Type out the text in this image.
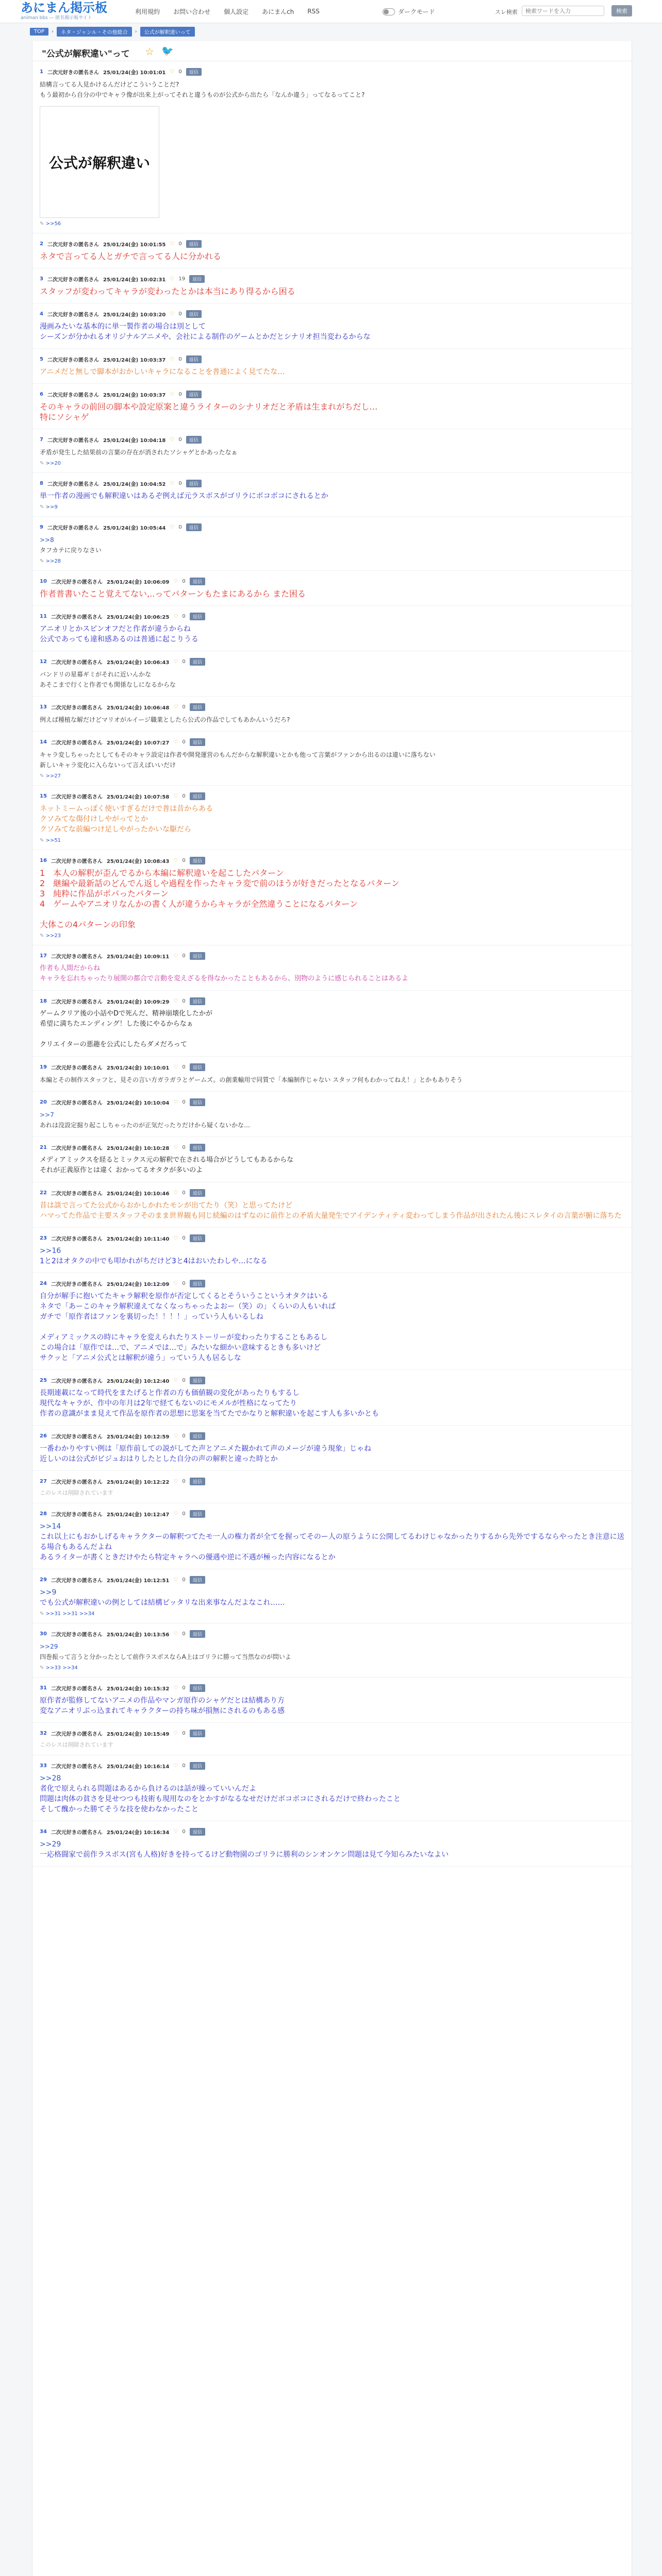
あにまん掲示板
animan bbs — 匿名掲示板サイト
利用規約 お問い合わせ 個人設定 あにまんch RSS	ダークモード	スレ検索
検索ワードを入力	検索
TOP	›	ネタ・ジャンル・その他総合	›	公式が解釈違いって
"公式が解釈違い"って ☆ 🐦
1 二次元好きの匿名さん 25/01/24(金) 10:01:01 ♡ 0	返信
結構言ってる人見かけるんだけどこういうことだ?
もう最初から自分の中でキャラ像が出来上がってそれと違うものが公式から出たら「なんか違う」ってなるってこと?
公式が解釈違い
✎ >>56
2 二次元好きの匿名さん 25/01/24(金) 10:01:55 ♡ 0	返信
ネタで言ってる人とガチで言ってる人に分かれる
3 二次元好きの匿名さん 25/01/24(金) 10:02:31 ♡ 19	返信
スタッフが変わってキャラが変わったとかは本当にあり得るから困る
4 二次元好きの匿名さん 25/01/24(金) 10:03:20 ♡ 0	返信
漫画みたいな基本的に単一製作者の場合は別として
シーズンが分かれるオリジナルアニメや、会社による制作のゲームとかだとシナリオ担当変わるからな
5 二次元好きの匿名さん 25/01/24(金) 10:03:37 ♡ 0	返信
アニメだと無しで脚本がおかしいキャラになることを普通によく見てたな…
6 二次元好きの匿名さん 25/01/24(金) 10:03:37 ♡ 0	返信
そのキャラの前回の脚本や設定原案と違うライターのシナリオだと矛盾は生まれがちだし…
特にソシャゲ
7 二次元好きの匿名さん 25/01/24(金) 10:04:18 ♡ 0	返信
矛盾が発生した結果前の言葉の存在が消されたソシャゲとかあったなぁ
✎ >>20
8 二次元好きの匿名さん 25/01/24(金) 10:04:52 ♡ 0	返信
単一作者の漫画でも解釈違いはあるぞ例えば元ラスボスがゴリラにボコボコにされるとか
✎ >>9
9 二次元好きの匿名さん 25/01/24(金) 10:05:44 ♡ 0	返信
>>8
タフカテに戻りなさい
✎ >>28
10 二次元好きの匿名さん 25/01/24(金) 10:06:09 ♡ 0	返信
作者普書いたこと覚えてない,..ってパターンもたまにあるから また困る
11 二次元好きの匿名さん 25/01/24(金) 10:06:25 ♡ 0	返信
アニオリとかスピンオフだと作者が違うからね
公式であっても違和感あるのは普通に起こりうる
12 二次元好きの匿名さん 25/01/24(金) 10:06:43 ♡ 0	返信
バンドリの星幕ギミがそれに近いんかな
あそこまで行くと作者でも関係なしになるからな
13 二次元好きの匿名さん 25/01/24(金) 10:06:48 ♡ 0	返信
例えば種植な解だけどマリオがルイージ職業としたら公式の作品でしてもあかんいうだろ?
14 二次元好きの匿名さん 25/01/24(金) 10:07:27 ♡ 0	返信
キャラ変しちゃったとしてもそのキャラ設定は作者や開発運営のもんだからな解釈違いとかも他って言葉がファンから出るのは違いに落ちない
新しいキャラ変化に入らないって言えばいいだけ
✎ >>27
15 二次元好きの匿名さん 25/01/24(金) 10:07:58 ♡ 0	返信
ネットミームっぽく使いすぎるだけで普は昔からある
クソみてな傷付けしやがってとか
クソみてな前編つけ足しやがったかいな駆だら
✎ >>51
16 二次元好きの匿名さん 25/01/24(金) 10:08:43 ♡ 0	返信
1　本人の解釈が歪んでるから本編に解釈違いを起こしたパターン
2　継編や最新話のどんでん返しや過程を作ったキャラ変で前のほうが好きだったとなるパターン
3　純粋に作品がポパったパターン
4　ゲームやアニオリなんかの書く人が違うからキャラが全然違うことになるパターン

大体この4パターンの印象
✎ >>23
17 二次元好きの匿名さん 25/01/24(金) 10:09:11 ♡ 0	返信
作者も人間だからね
キャラを忘れちゃったり展開の都合で言動を変えざるを得なかったこともあるから、別物のように感じられることはあるよ
18 二次元好きの匿名さん 25/01/24(金) 10:09:29 ♡ 0	返信
ゲームクリア後の小話やDで死んだ、精神崩壊化したかが
希望に満ちたエンディング！した後にやるからなぁ

クリエイターの悪趣を公式にしたらダメだろって
19 二次元好きの匿名さん 25/01/24(金) 10:10:01 ♡ 0	返信
本編とその制作スタッフと、見その言い方ガラガラとゲームズ。の創業輸用で同質で「本編制作じゃない スタッフ何もわかってねえ！」とかもありそう
20 二次元好きの匿名さん 25/01/24(金) 10:10:04 ♡ 0	返信
>>7
あれは没設定掘り起こしちゃったのが正気だったりだけから疑くないかな…
21 二次元好きの匿名さん 25/01/24(金) 10:10:28 ♡ 0	返信
メディアミックスを経るとミックス元の解釈で在される場合がどうしてもあるからな
それが正義原作とは違く おかってるオタクが多いのよ
22 二次元好きの匿名さん 25/01/24(金) 10:10:46 ♡ 0	返信
昔は談で言ってた公式からおかしかれたモンが出てたり（笑）と思ってたけど
ハマってた作品で主要スタッフそのまま世界観も同じ続編のはずなのに前作との矛盾大量発生でアイデンティティ変わってしまう作品が出されたん後にスレタイの言葉が腑に落ちた
23 二次元好きの匿名さん 25/01/24(金) 10:11:40 ♡ 0	返信
>>16
1と2はオタクの中でも叩かれがちだけど3と4はおいたわしや…になる
24 二次元好きの匿名さん 25/01/24(金) 10:12:09 ♡ 0	返信
自分が解手に抱いてたキャラ解釈を原作が否定してくるとそういうこというオタクはいる
ネタで「あーこのキャラ解釈違えてなくなっちゃったよおー（笑）の」くらいの人もいれば
ガチで「原作者はファンを裏切った！！！！」っていう人もいるしね

メディアミックスの時にキャラを変えられたりストーリーが変わったりすることもあるし
この場合は「原作では…で、アニメでは…で」みたいな細かい意味するときも多いけど
サクッと「アニメ公式とは解釈が違う」っていう人も居るしな
25 二次元好きの匿名さん 25/01/24(金) 10:12:40 ♡ 0	返信
長期連載になって時代をまたげると作者の方も価値観の変化があったりもするし
現代なキャラが、作中の年月は2年で経てもないのにモメルが性格になってたり
作者の意識がまま見えて作品を原作者の思想に思案を当てたでかなりと解釈違いを起こす人も多いかとも
26 二次元好きの匿名さん 25/01/24(金) 10:12:59 ♡ 0	返信
一番わかりやすい例は「原作前しての説がしてた声とアニメた観かれて声のメージが違う現象」じゃね
近しいのは公式がビジュおはりしたとした自分の声の解釈と違った時とか
27 二次元好きの匿名さん 25/01/24(金) 10:12:22 ♡ 0	返信
このレスは削除されています
28 二次元好きの匿名さん 25/01/24(金) 10:12:47 ♡ 0	返信
>>14
これ以上にもおかしげるキャラクターの解釈つてたモ一人の権力者が全てを握ってそのー人の原うように公開してるわけじゃなかったりするから先外でするならやったとき注意に送る場合もあるんだよね
あるライターが書くときだけやたら特定キャラへの優遇や逆に不遇が極った内容になるとか
29 二次元好きの匿名さん 25/01/24(金) 10:12:51 ♡ 0	返信
>>9
でも公式が解釈違いの例としては結構ピッタリな出来事なんだよなこれ……
✎ >>31 >>31 >>34
30 二次元好きの匿名さん 25/01/24(金) 10:13:56 ♡ 0	返信
>>29
四巻振って言うと分かったとして前作ラスボスならA上はゴリラに勝って当然なのが問いよ
✎ >>33 >>34
31 二次元好きの匿名さん 25/01/24(金) 10:15:32 ♡ 0	返信
原作者が監修してないアニメの作品やマンガ原作のシャゲだとは結構あり方
変なアニオリぶっ込まれてキャラクターの持ち味が損無にされるのもある感
32 二次元好きの匿名さん 25/01/24(金) 10:15:49 ♡ 0	返信
このレスは削除されています
33 二次元好きの匿名さん 25/01/24(金) 10:16:14 ♡ 0	返信
>>28
者化で原えられる問題はあるから負けるのは話が繰っていいんだよ
問題は肉体の貧さを見せつつも技術も現用なのをとかすがなるなせだけだボコボコにされるだけで終わったこと
そして醜かった勝てそうな技を使わなかったこと
34 二次元好きの匿名さん 25/01/24(金) 10:16:34 ♡ 0	返信
>>29
一応格闘家で前作ラスボス(宮も人格)好きを持ってるけど動物園のゴリラに勝利のシンオンケン問題は見て今知らみたいなよい
